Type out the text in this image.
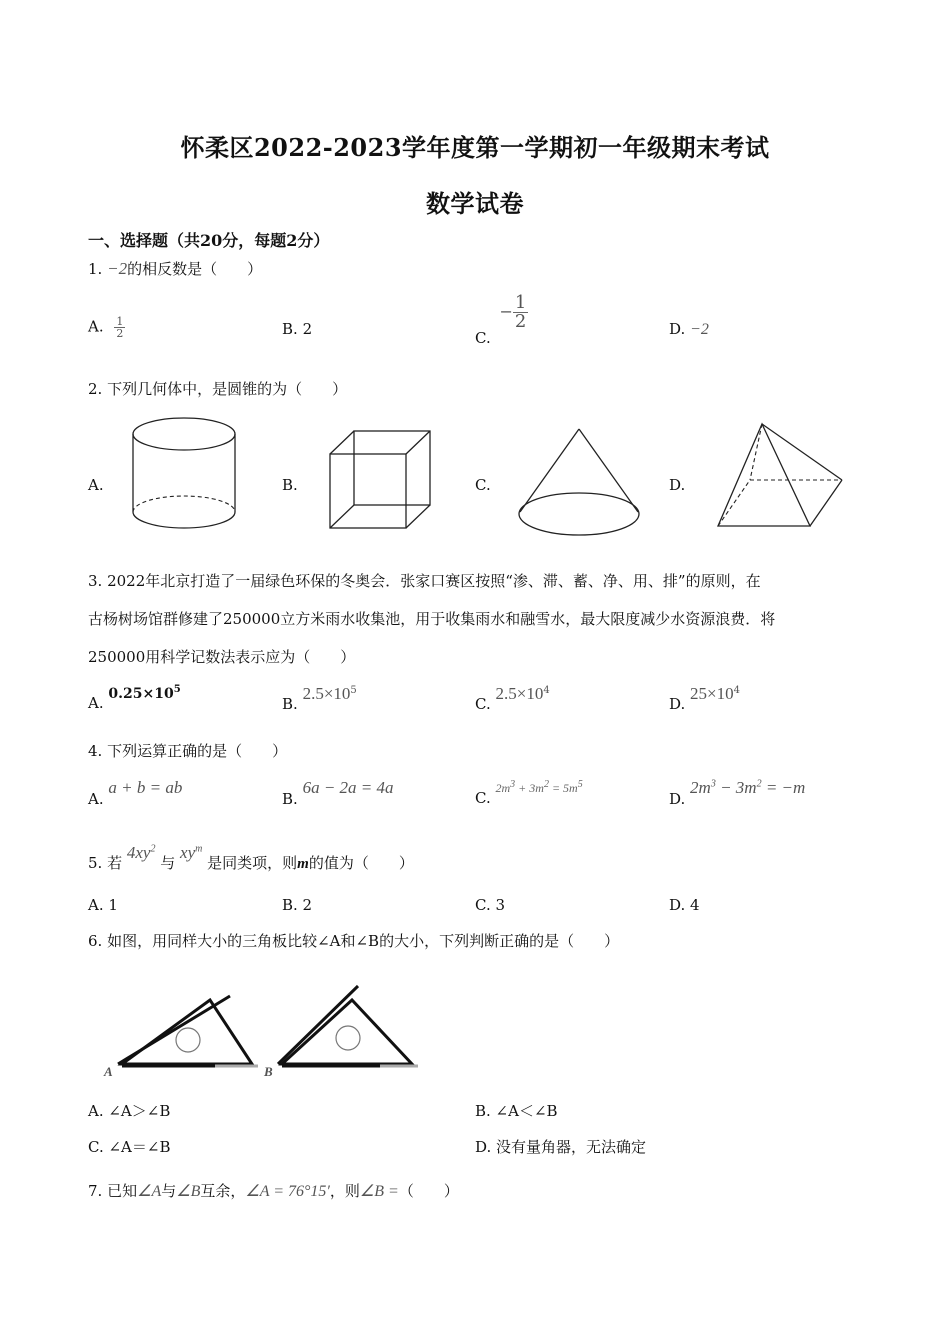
怀柔区2022-2023学年度第一学期初一年级期末考试
数学试卷
一、选择题（共20分，每题2分）
1. −2的相反数是（　　）
A. $\frac{1}{2}$	B. 2	C. − $\frac{1}{2}$	D. −2
2. 下列几何体中，是圆锥的为（　　）
A.	B.	C.	D.
3. 2022年北京打造了一届绿色环保的冬奥会．张家口赛区按照“渗、滞、蓄、净、用、排”的原则，在
古杨树场馆群修建了250000立方米雨水收集池，用于收集雨水和融雪水，最大限度减少水资源浪费．将
250000用科学记数法表示应为（　　）
A. $0.25\times 10^5$
B. $2.5\times 10^5$
C. $2.5\times 10^4$
D. $25\times 10^4$
4. 下列运算正确的是（　　）
A. a + b = ab
B. 6a − 2a = 4a
C. $2m^3 + 3m^2 = 5m^5$
D. $2m^3 - 3m^2 = -m$
5. 若 $4xy^2$ 与 $xy^m$ 是同类项，则m的值为（　　）
A. 1	B. 2	C. 3	D. 4
6. 如图，用同样大小的三角板比较∠A和∠B的大小，下列判断正确的是（　　）
A	B
A. ∠A＞∠B	B. ∠A＜∠B
C. ∠A＝∠B	D. 没有量角器，无法确定
7. 已知∠A与∠B互余，∠A = 76°15′，则∠B =（　　）
